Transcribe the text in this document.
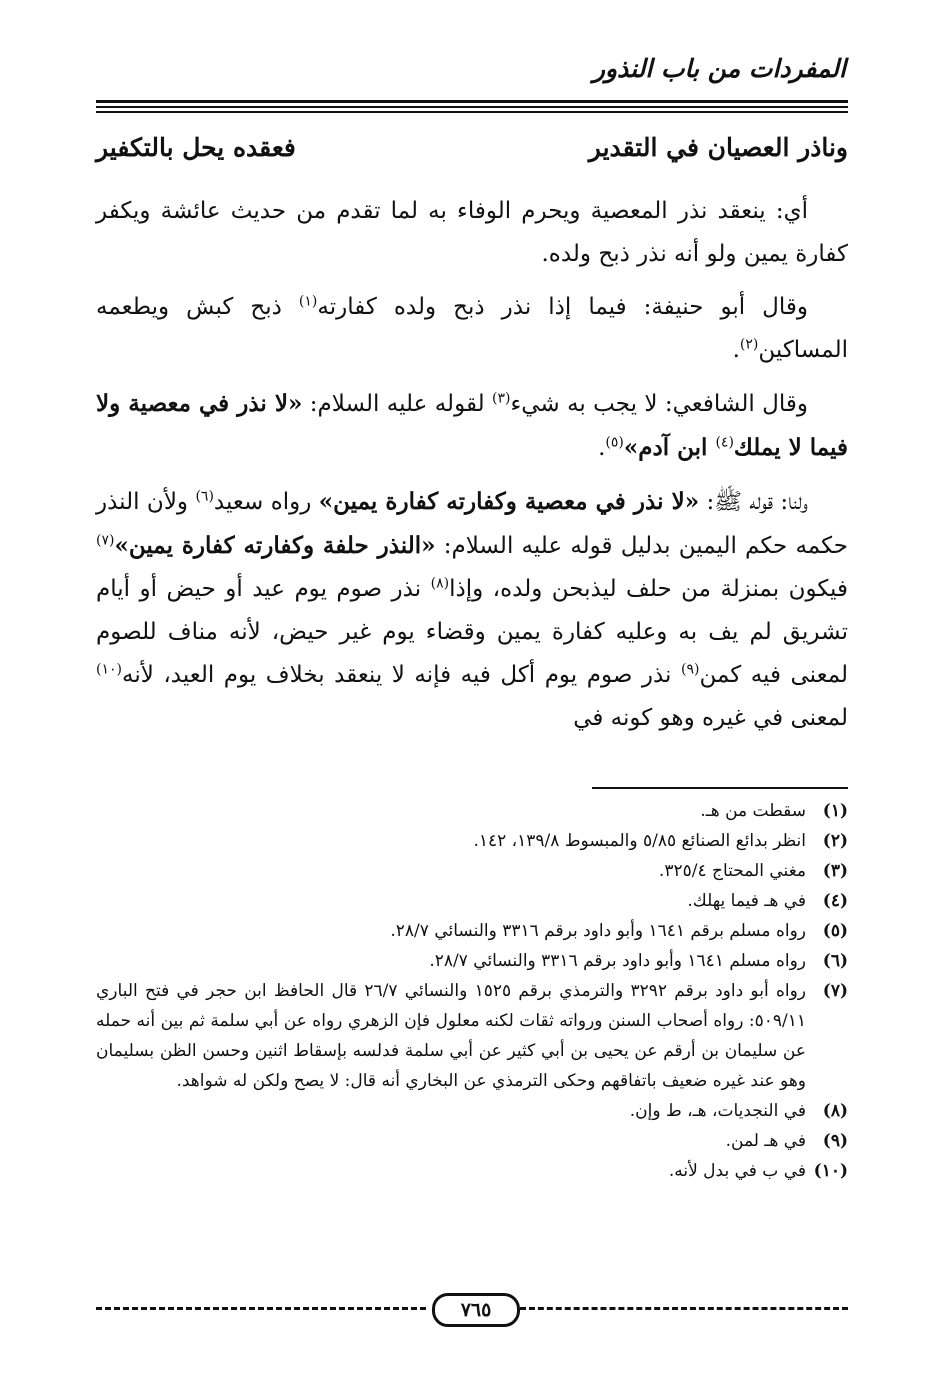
المفردات من باب النذور
وناذر العصيان في التقدير
فعقده يحل بالتكفير

أي: ينعقد نذر المعصية ويحرم الوفاء به لما تقدم من حديث عائشة ويكفر كفارة يمين ولو أنه نذر ذبح ولده.

وقال أبو حنيفة: فيما إذا نذر ذبح ولده كفارته$^{(١)}$ ذبح كبش ويطعمه المساكين$^{(٢)}$.

وقال الشافعي: لا يجب به شيء$^{(٣)}$ لقوله عليه السلام: «لا نذر في معصية ولا فيما لا يملك$^{(٤)}$ ابن آدم»$^{(٥)}$.

ولنا: قوله ﷺ: «لا نذر في معصية وكفارته كفارة يمين» رواه سعيد$^{(٦)}$ ولأن النذر حكمه حكم اليمين بدليل قوله عليه السلام: «النذر حلفة وكفارته كفارة يمين»$^{(٧)}$ فيكون بمنزلة من حلف ليذبحن ولده، وإذا$^{(٨)}$ نذر صوم يوم عيد أو حيض أو أيام تشريق لم يف به وعليه كفارة يمين وقضاء يوم غير حيض، لأنه مناف للصوم لمعنى فيه كمن$^{(٩)}$ نذر صوم يوم أكل فيه فإنه لا ينعقد بخلاف يوم العيد، لأنه$^{(١٠)}$ لمعنى في غيره وهو كونه في

(١)
سقطت من هـ.
(٢)
انظر بدائع الصنائع ٥/٨٥ والمبسوط ١٣٩/٨، ١٤٢.
(٣)
مغني المحتاج ٣٢٥/٤.
(٤)
في هـ فيما يهلك.
(٥)
رواه مسلم برقم ١٦٤١ وأبو داود برقم ٣٣١٦ والنسائي ٢٨/٧.
(٦)
رواه مسلم ١٦٤١ وأبو داود برقم ٣٣١٦ والنسائي ٢٨/٧.
(٧)
رواه أبو داود برقم ٣٢٩٢ والترمذي برقم ١٥٢٥ والنسائي ٢٦/٧ قال الحافظ ابن حجر في فتح الباري ٥٠٩/١١: رواه أصحاب السنن ورواته ثقات لكنه معلول فإن الزهري رواه عن أبي سلمة ثم بين أنه حمله عن سليمان بن أرقم عن يحيى بن أبي كثير عن أبي سلمة فدلسه بإسقاط اثنين وحسن الظن بسليمان وهو عند غيره ضعيف باتفاقهم وحكى الترمذي عن البخاري أنه قال: لا يصح ولكن له شواهد.
(٨)
في النجديات، هـ، ط وإن.
(٩)
في هـ لمن.
(١٠)
في ب في بدل لأنه.
٧٦٥
